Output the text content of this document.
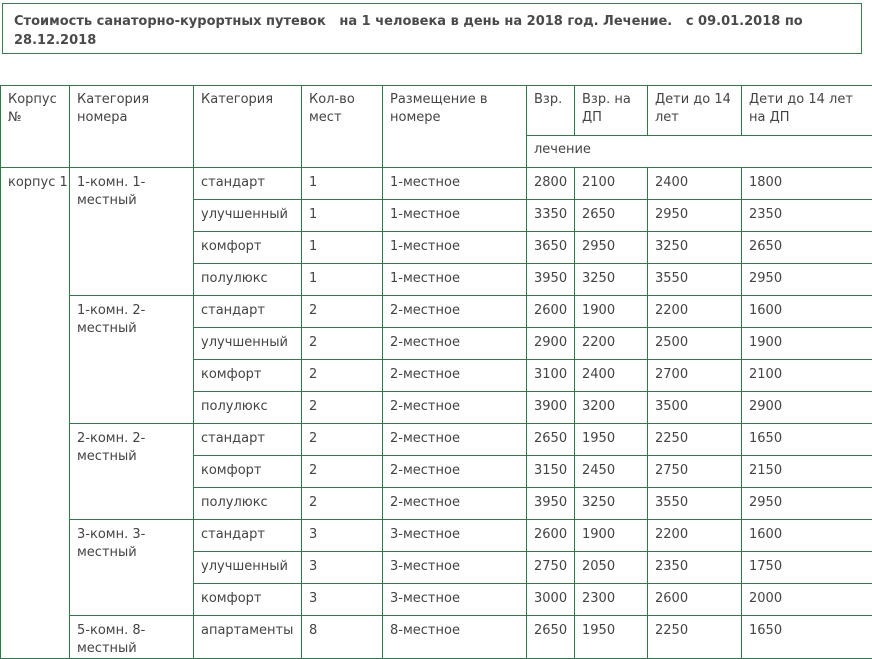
Стоимость санаторно-курортных путевок   на 1 человека в день на 2018 год. Лечение.   с 09.01.2018 по 28.12.2018

Корпус №	Категория номера	Категория	Кол-во мест	Размещение в номере	Взр.	Взр. на ДП	Дети до 14 лет	Дети до 14 лет на ДП
					лечение			
корпус 1	1-комн. 1-местный	стандарт	1	1-местное	2800	2100	2400	1800
		улучшенный	1	1-местное	3350	2650	2950	2350
		комфорт	1	1-местное	3650	2950	3250	2650
		полулюкс	1	1-местное	3950	3250	3550	2950
	1-комн. 2-местный	стандарт	2	2-местное	2600	1900	2200	1600
		улучшенный	2	2-местное	2900	2200	2500	1900
		комфорт	2	2-местное	3100	2400	2700	2100
		полулюкс	2	2-местное	3900	3200	3500	2900
	2-комн. 2-местный	стандарт	2	2-местное	2650	1950	2250	1650
		комфорт	2	2-местное	3150	2450	2750	2150
		полулюкс	2	2-местное	3950	3250	3550	2950
	3-комн. 3-местный	стандарт	3	3-местное	2600	1900	2200	1600
		улучшенный	3	3-местное	2750	2050	2350	1750
		комфорт	3	3-местное	3000	2300	2600	2000
	5-комн. 8-местный	апартаменты	8	8-местное	2650	1950	2250	1650
